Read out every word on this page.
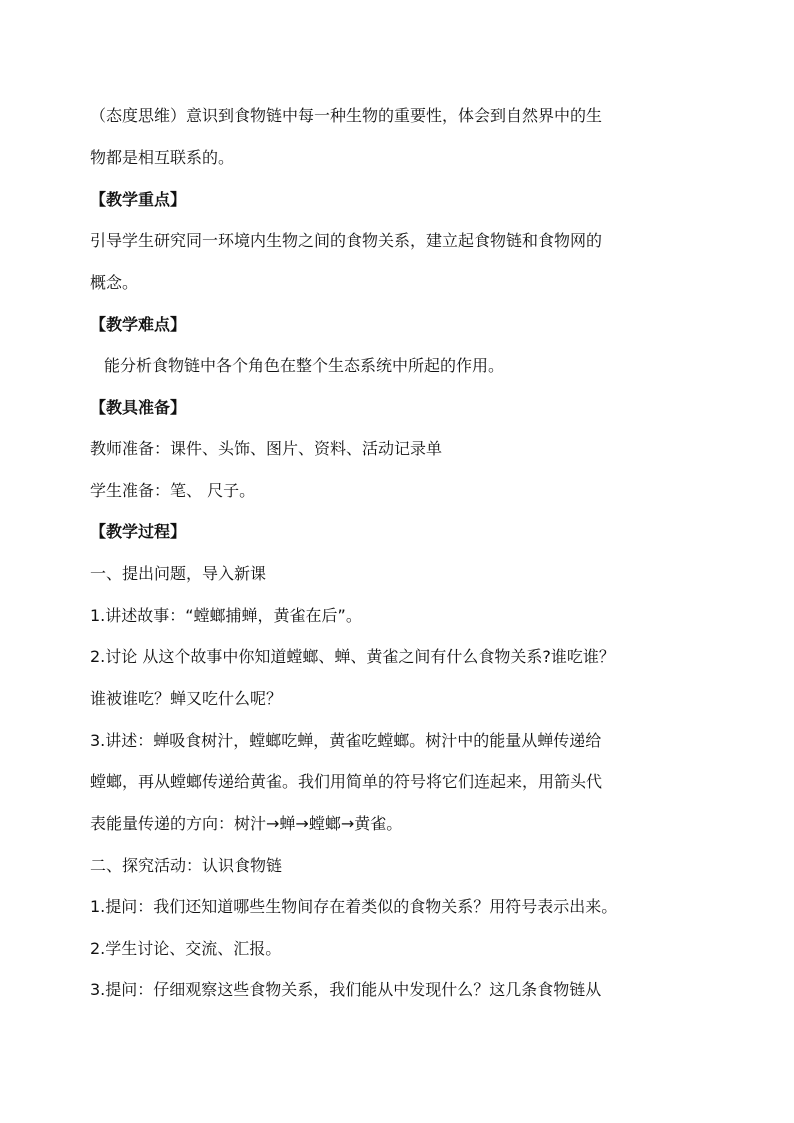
（态度思维）意识到食物链中每一种生物的重要性，体会到自然界中的生
物都是相互联系的。
【教学重点】
引导学生研究同一环境内生物之间的食物关系，建立起食物链和食物网的
概念。
【教学难点】
能分析食物链中各个角色在整个生态系统中所起的作用。
【教具准备】
教师准备：课件、头饰、图片、资料、活动记录单
学生准备：笔、 尺子。
【教学过程】
一、提出问题，导入新课
1.讲述故事：“螳螂捕蝉，黄雀在后”。
2.讨论 从这个故事中你知道螳螂、蝉、黄雀之间有什么食物关系?谁吃谁？
谁被谁吃？蝉又吃什么呢？
3.讲述：蝉吸食树汁，螳螂吃蝉，黄雀吃螳螂。树汁中的能量从蝉传递给
螳螂，再从螳螂传递给黄雀。我们用简单的符号将它们连起来，用箭头代
表能量传递的方向：树汁→蝉→螳螂→黄雀。
二、探究活动：认识食物链
1.提问：我们还知道哪些生物间存在着类似的食物关系？用符号表示出来。
2.学生讨论、交流、汇报。
3.提问：仔细观察这些食物关系，我们能从中发现什么？这几条食物链从
